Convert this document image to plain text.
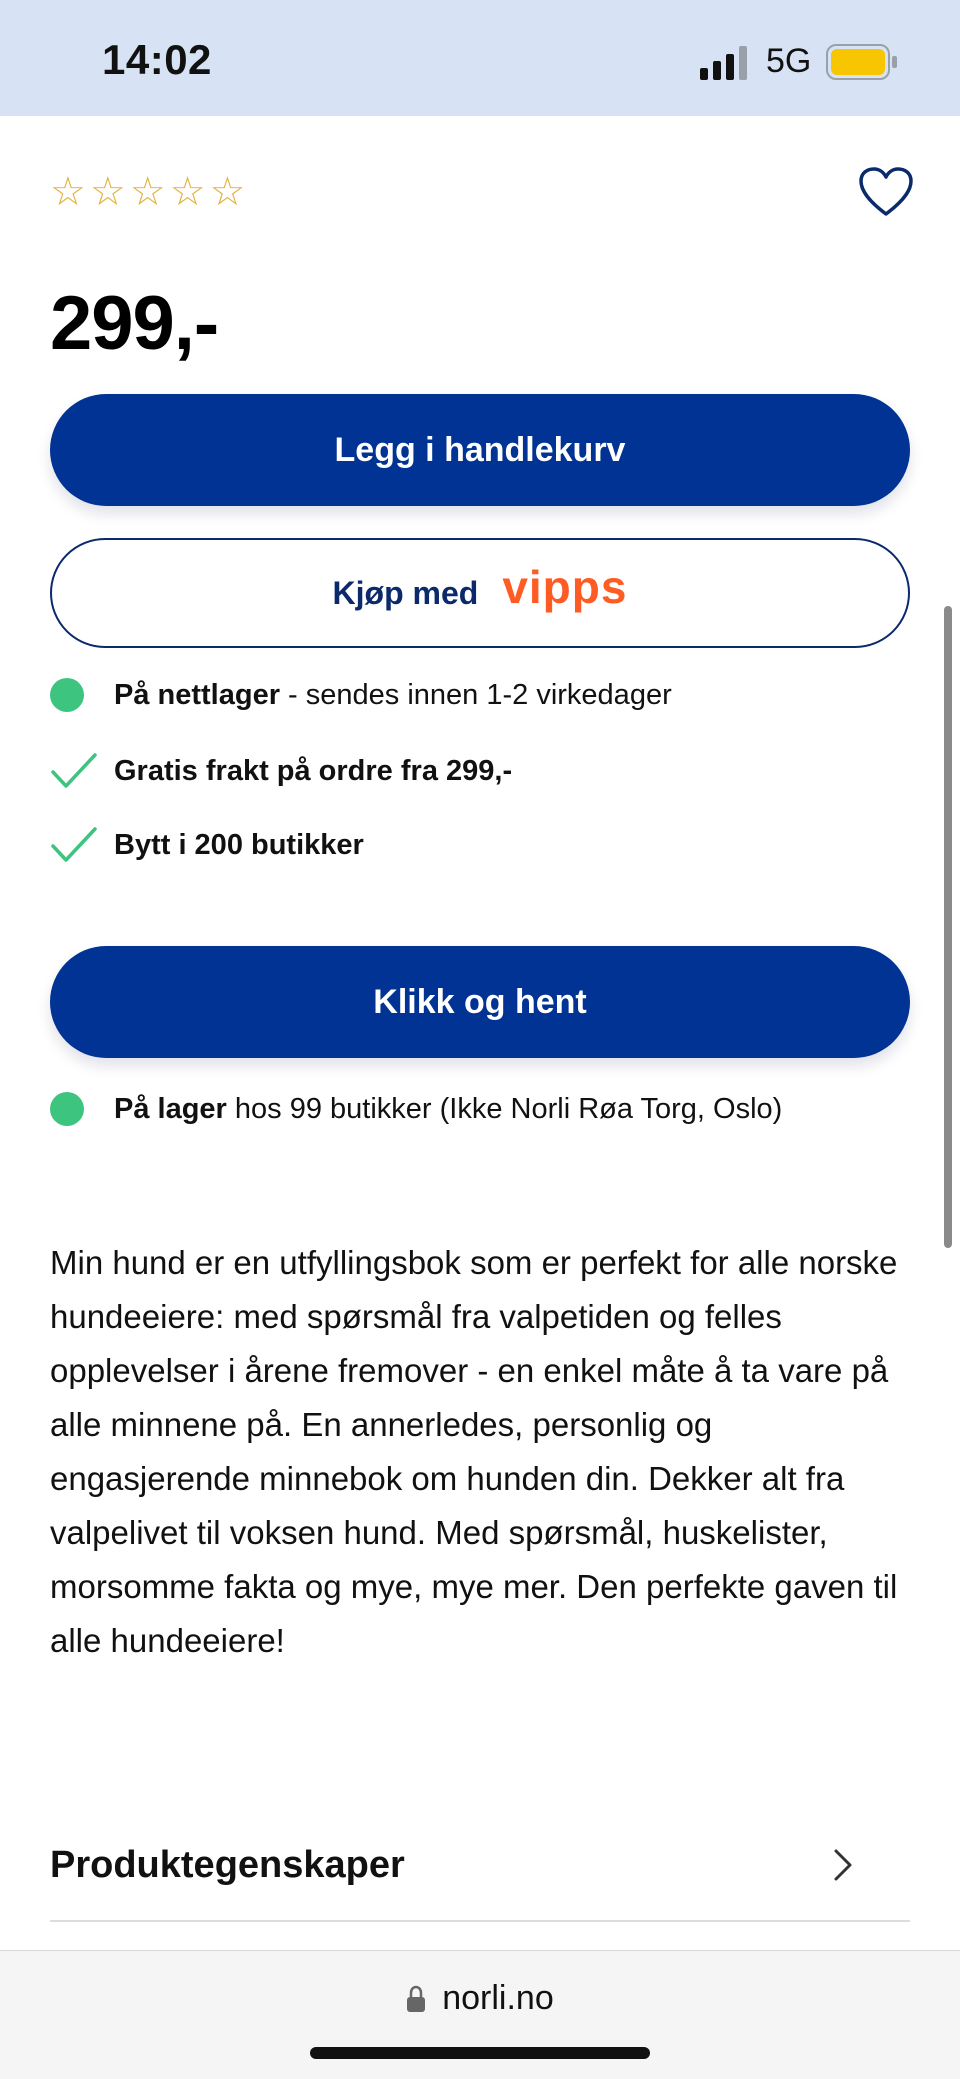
14:02	5G
☆ ☆ ☆ ☆ ☆
299,-
Legg i handlekurv
Kjøp med vipps
På nettlager - sendes innen 1-2 virkedager
Gratis frakt på ordre fra 299,-
Bytt i 200 butikker
Klikk og hent
På lager hos 99 butikker (Ikke Norli Røa Torg, Oslo)
Min hund er en utfyllingsbok som er perfekt for alle norske hundeeiere: med spørsmål fra valpetiden og felles opplevelser i årene fremover - en enkel måte å ta vare på alle minnene på. En annerledes, personlig og engasjerende minnebok om hunden din. Dekker alt fra valpelivet til voksen hund. Med spørsmål, huskelister, morsomme fakta og mye, mye mer. Den perfekte gaven til alle hundeeiere!
Produktegenskaper
norli.no
